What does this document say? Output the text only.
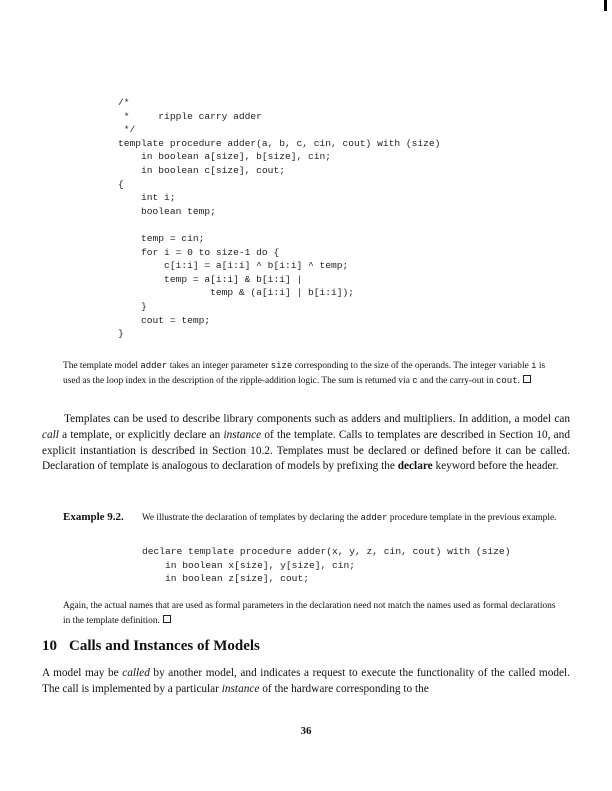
/*
*     ripple carry adder
*/
template procedure adder(a, b, c, cin, cout) with (size)
in boolean a[size], b[size], cin;
in boolean c[size], cout;
{
int i;
boolean temp;
temp = cin;
for i = 0 to size-1 do {
c[i:i] = a[i:i] ^ b[i:i] ^ temp;
temp = a[i:i] & b[i:i] |
temp & (a[i:i] | b[i:i]);
}
cout = temp;
}
The template model adder takes an integer parameter size corresponding to the size of the operands. The integer variable i is used as the loop index in the description of the ripple-addition logic. The sum is returned via c and the carry-out in cout.
Templates can be used to describe library components such as adders and multipliers. In addition, a model can call a template, or explicitly declare an instance of the template. Calls to templates are described in Section 10, and explicit instantiation is described in Section 10.2. Templates must be declared or defined before it can be called. Declaration of template is analogous to declaration of models by prefixing the declare keyword before the header.
Example 9.2. We illustrate the declaration of templates by declaring the adder procedure template in the previous example.
declare template procedure adder(x, y, z, cin, cout) with (size)
in boolean x[size], y[size], cin;
in boolean z[size], cout;
Again, the actual names that are used as formal parameters in the declaration need not match the names used as formal declarations in the template definition.
10 Calls and Instances of Models
A model may be called by another model, and indicates a request to execute the functionality of the called model. The call is implemented by a particular instance of the hardware corresponding to the
36
